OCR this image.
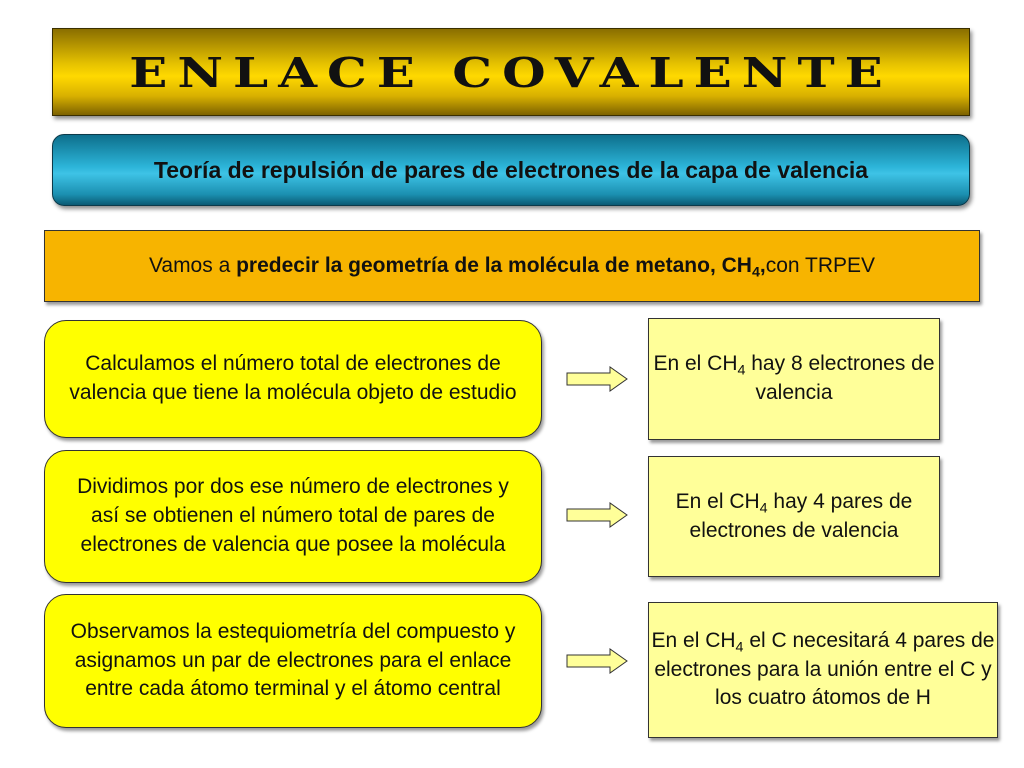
ENLACE COVALENTE
Teoría de repulsión de pares de electrones de la capa de valencia
Vamos a
predecir la geometría de la molécula de metano, $CH_4$, con TRPEV
Calculamos el número total de electrones de valencia que tiene la molécula objeto de estudio
Dividimos por dos ese número de electrones y así se obtienen el número total de pares de electrones de valencia que posee la molécula
Observamos la estequiometría del compuesto y asignamos un par de electrones para el enlace entre cada átomo terminal y el átomo central
En el $CH_4$ hay 8 electrones de valencia
En el $CH_4$ hay 4 pares de electrones de valencia
En el $CH_4$ el C necesitará 4 pares de electrones para la unión entre el C y los cuatro átomos de H
